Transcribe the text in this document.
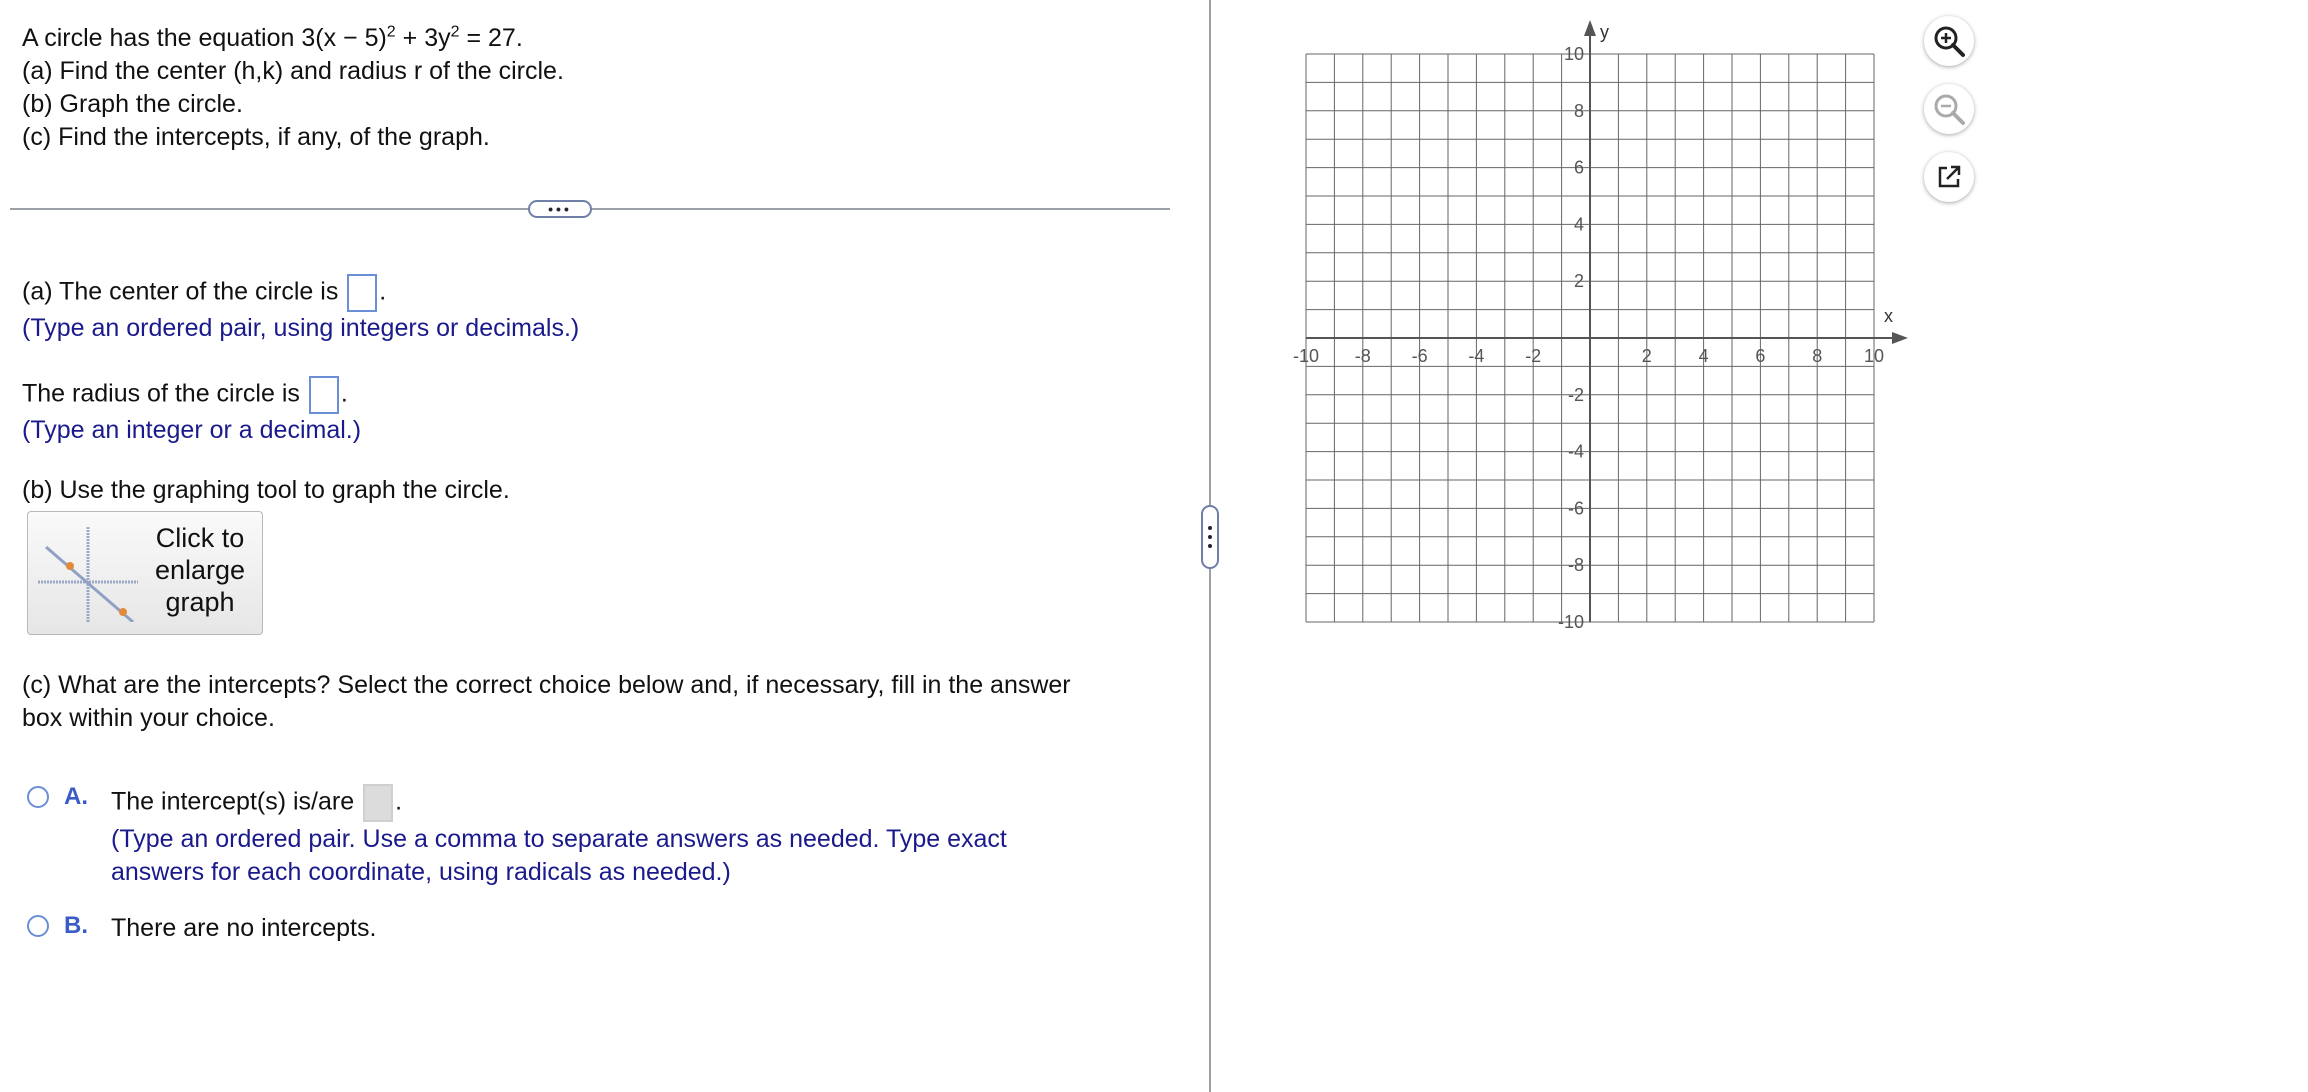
A circle has the equation $3(x - 5)^2 + 3y^2 = 27$.
(a) Find the center (h,k) and radius r of the circle.
(b) Graph the circle.
(c) Find the intercepts, if any, of the graph.
•••
(a) The center of the circle is .
(Type an ordered pair, using integers or decimals.)
The radius of the circle is .
(Type an integer or a decimal.)
(b) Use the graphing tool to graph the circle.
Click to
enlarge
graph
(c) What are the intercepts? Select the correct choice below and, if necessary, fill in the answer
box within your choice.
A. The intercept(s) is/are .
(Type an ordered pair. Use a comma to separate answers as needed. Type exact
answers for each coordinate, using radicals as needed.)
B. There are no intercepts.
x
y
-10 -8 -6 -4 -2	2	4	6	8 10
10
8
6
4
2
-2
-4
-6
-8
-10
